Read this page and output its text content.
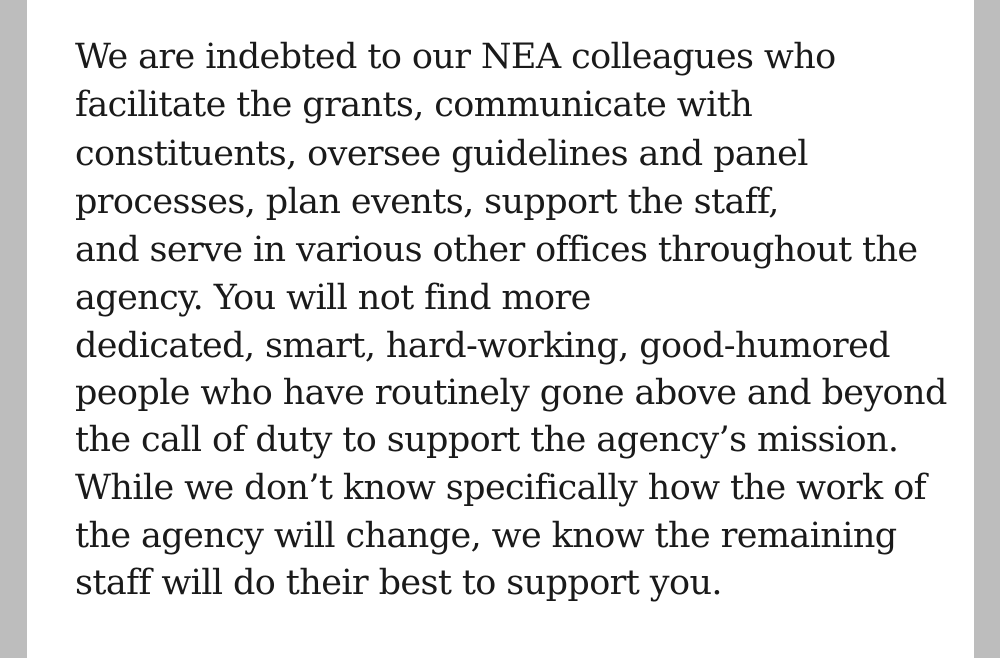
We are indebted to our NEA colleagues who
facilitate the grants, communicate with
constituents, oversee guidelines and panel
processes, plan events, support the staff,
and serve in various other offices throughout the
agency. You will not find more
dedicated, smart, hard-working, good-humored
people who have routinely gone above and beyond
the call of duty to support the agency’s mission.
While we don’t know specifically how the work of
the agency will change, we know the remaining
staff will do their best to support you.
